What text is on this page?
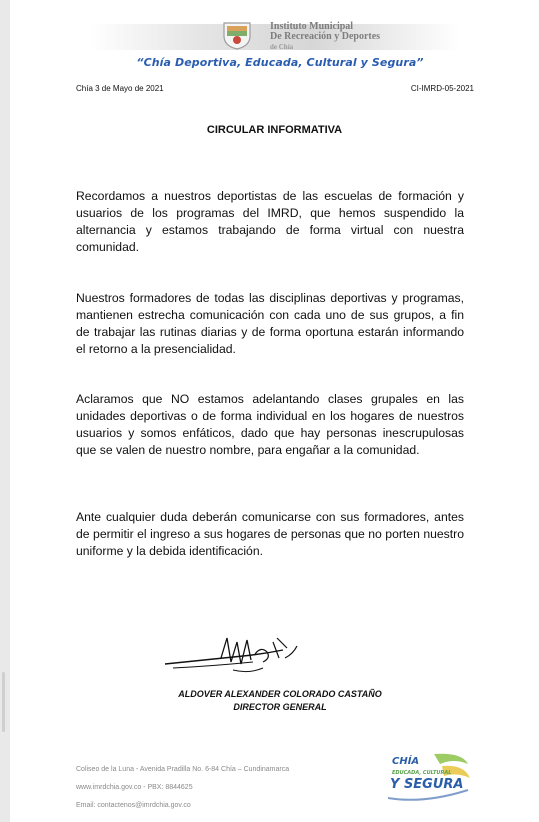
Instituto Municipal
De Recreación y Deportes
de Chía
“Chía Deportiva, Educada, Cultural y Segura”
Chía 3 de Mayo de 2021	CI-IMRD-05-2021
CIRCULAR INFORMATIVA

Recordamos a nuestros deportistas de las escuelas de formación y usuarios de los programas del IMRD, que hemos suspendido la alternancia y estamos trabajando de forma virtual con nuestra comunidad.

Nuestros formadores de todas las disciplinas deportivas y programas, mantienen estrecha comunicación con cada uno de sus grupos, a fin de trabajar las rutinas diarias y de forma oportuna estarán informando el retorno a la presencialidad.

Aclaramos que NO estamos adelantando clases grupales en las unidades deportivas o de forma individual en los hogares de nuestros usuarios y somos enfáticos, dado que hay personas inescrupulosas que se valen de nuestro nombre, para engañar a la comunidad.

Ante cualquier duda deberán comunicarse con sus formadores, antes de permitir el ingreso a sus hogares de personas que no porten nuestro uniforme y la debida identificación.

ALDOVER ALEXANDER COLORADO CASTAÑO
DIRECTOR GENERAL
Coliseo de la Luna - Avenida Pradilla No. 6-84 Chía – Cundinamarca
www.imrdchia.gov.co - PBX: 8844625
Email: contactenos@imrdchia.gov.co
CHÍA
EDUCADA, CULTURAL
Y SEGURA
